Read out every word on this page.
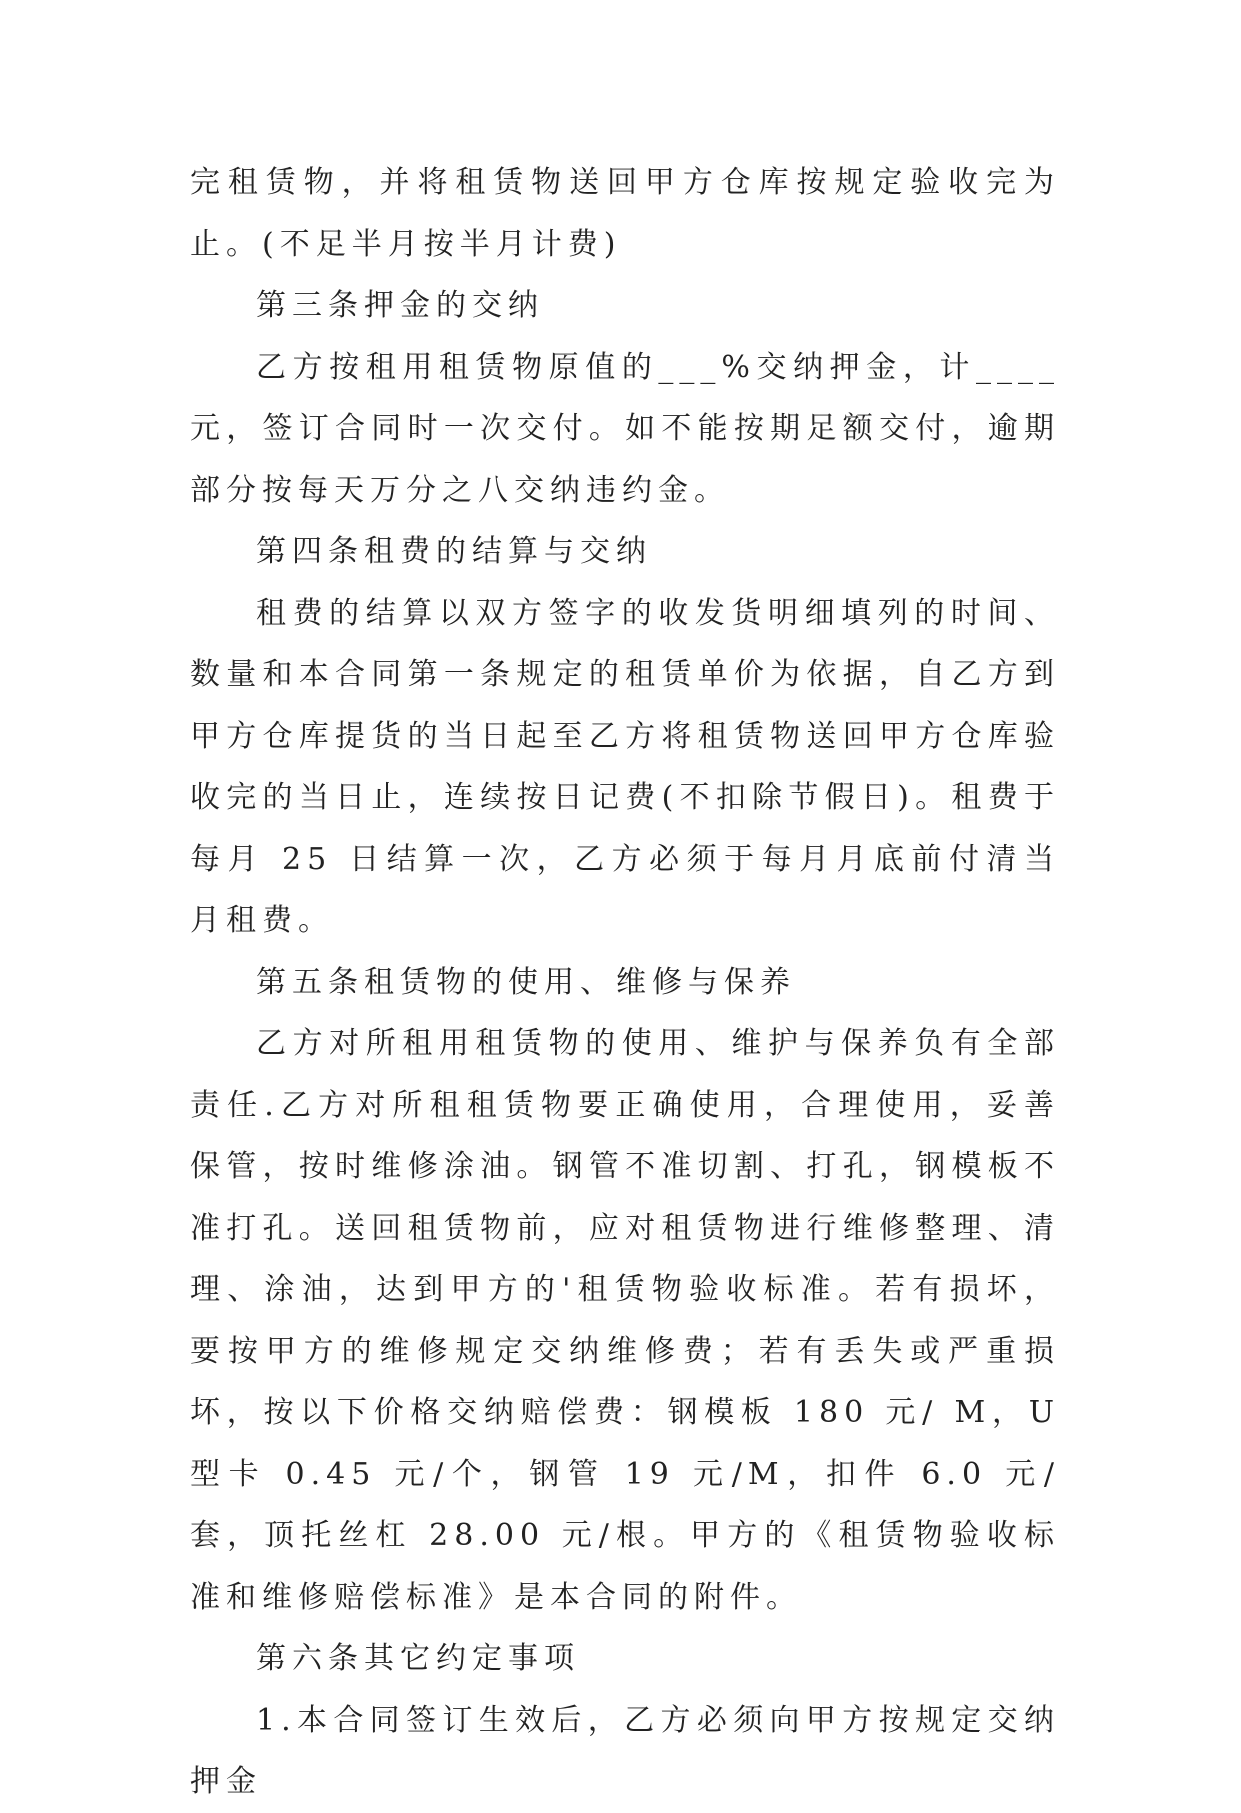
完租赁物，并将租赁物送回甲方仓库按规定验收完为止。(不足半月按半月计费)

第三条押金的交纳

乙方按租用租赁物原值的___%交纳押金，计____元，签订合同时一次交付。如不能按期足额交付，逾期部分按每天万分之八交纳违约金。

第四条租费的结算与交纳

租费的结算以双方签字的收发货明细填列的时间、数量和本合同第一条规定的租赁单价为依据，自乙方到甲方仓库提货的当日起至乙方将租赁物送回甲方仓库验收完的当日止，连续按日记费(不扣除节假日)。租费于每月 25 日结算一次，乙方必须于每月月底前付清当月租费。

第五条租赁物的使用、维修与保养

乙方对所租用租赁物的使用、维护与保养负有全部责任.乙方对所租租赁物要正确使用，合理使用，妥善保管，按时维修涂油。钢管不准切割、打孔，钢模板不准打孔。送回租赁物前，应对租赁物进行维修整理、清理、涂油，达到甲方的'租赁物验收标准。若有损坏，要按甲方的维修规定交纳维修费；若有丢失或严重损坏，按以下价格交纳赔偿费：钢模板 180 元/ M，U 型卡 0.45 元/个，钢管 19 元/M，扣件 6.0 元/套，顶托丝杠 28.00 元/根。甲方的《租赁物验收标准和维修赔偿标准》是本合同的附件。

第六条其它约定事项

1.本合同签订生效后，乙方必须向甲方按规定交纳押金
